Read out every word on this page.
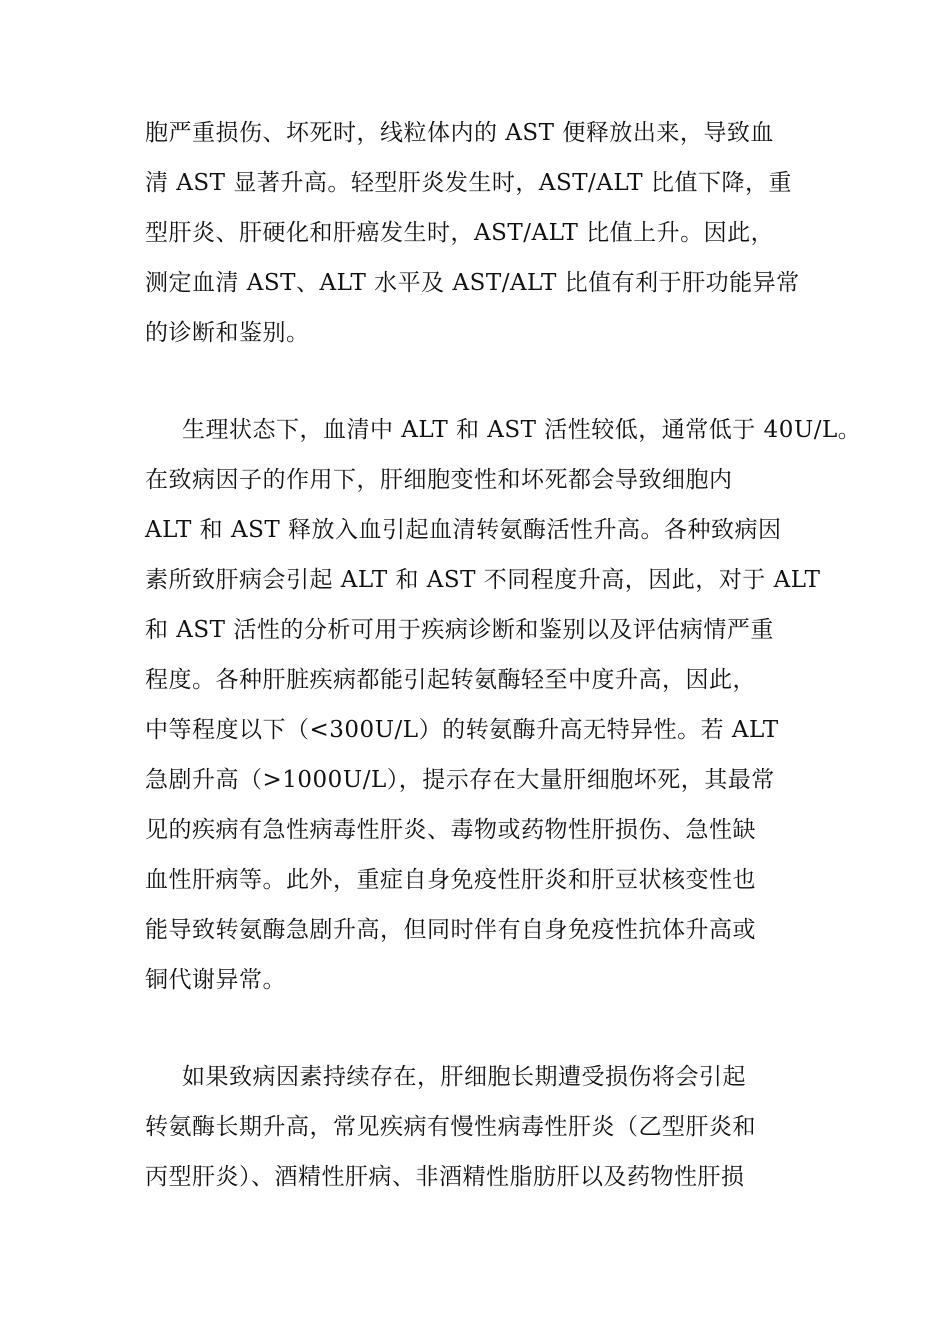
胞严重损伤、坏死时，线粒体内的 AST 便释放出来，导致血
清 AST 显著升高。轻型肝炎发生时，AST/ALT 比值下降，重
型肝炎、肝硬化和肝癌发生时，AST/ALT 比值上升。因此，
测定血清 AST、ALT 水平及 AST/ALT 比值有利于肝功能异常
的诊断和鉴别。
生理状态下，血清中 ALT 和 AST 活性较低，通常低于 40U/L。
在致病因子的作用下，肝细胞变性和坏死都会导致细胞内
ALT 和 AST 释放入血引起血清转氨酶活性升高。各种致病因
素所致肝病会引起 ALT 和 AST 不同程度升高，因此，对于 ALT
和 AST 活性的分析可用于疾病诊断和鉴别以及评估病情严重
程度。各种肝脏疾病都能引起转氨酶轻至中度升高，因此，
中等程度以下（<300U/L）的转氨酶升高无特异性。若 ALT
急剧升高（>1000U/L），提示存在大量肝细胞坏死，其最常
见的疾病有急性病毒性肝炎、毒物或药物性肝损伤、急性缺
血性肝病等。此外，重症自身免疫性肝炎和肝豆状核变性也
能导致转氨酶急剧升高，但同时伴有自身免疫性抗体升高或
铜代谢异常。
如果致病因素持续存在，肝细胞长期遭受损伤将会引起
转氨酶长期升高，常见疾病有慢性病毒性肝炎（乙型肝炎和
丙型肝炎）、酒精性肝病、非酒精性脂肪肝以及药物性肝损
